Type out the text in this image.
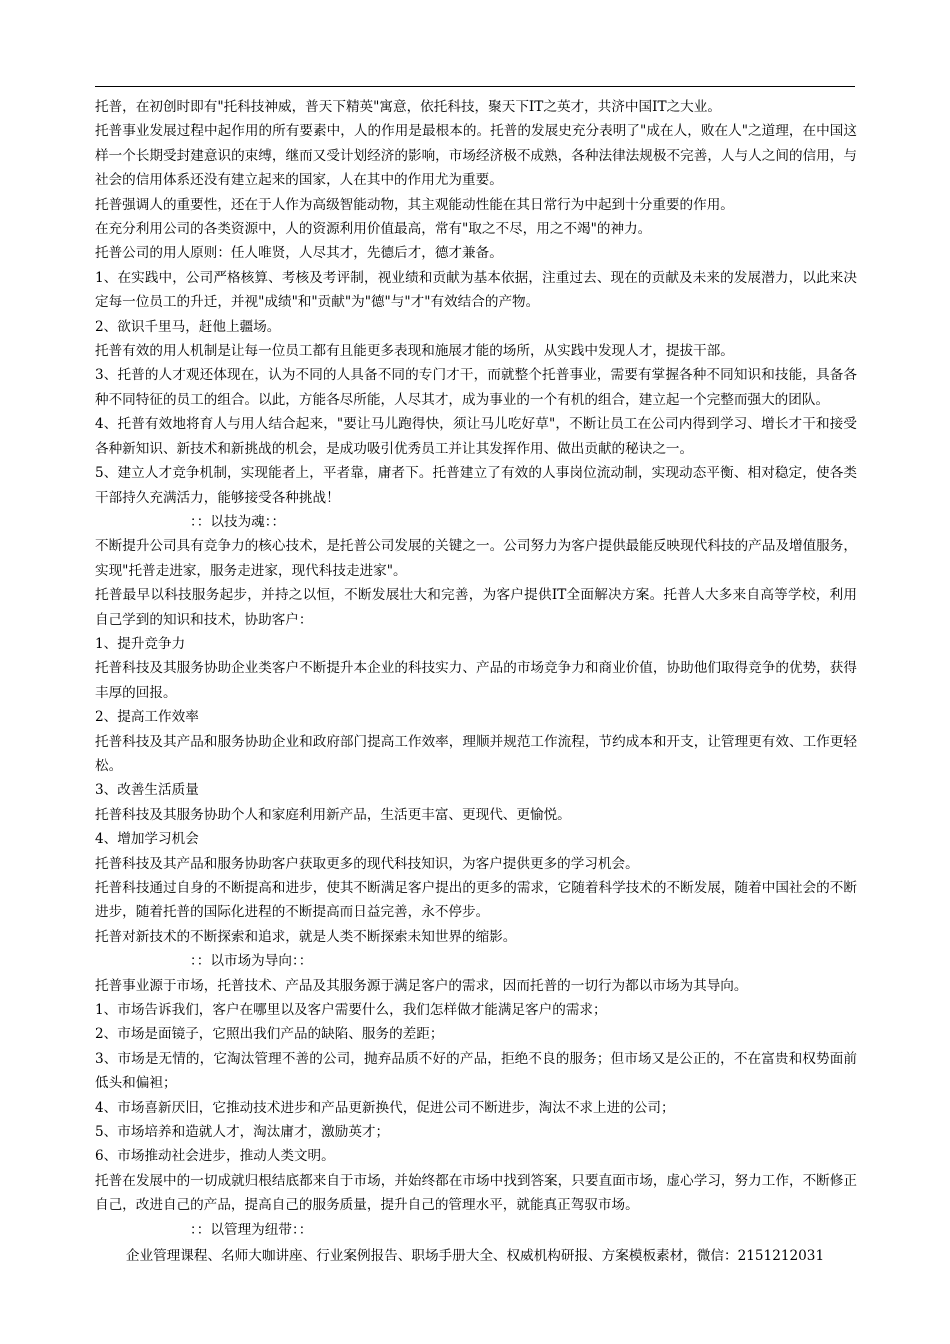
托普，在初创时即有"托科技神威，普天下精英"寓意，依托科技，聚天下IT之英才，共济中国IT之大业。

托普事业发展过程中起作用的所有要素中，人的作用是最根本的。托普的发展史充分表明了"成在人，败在人"之道理，在中国这样一个长期受封建意识的束缚，继而又受计划经济的影响，市场经济极不成熟，各种法律法规极不完善，人与人之间的信用，与社会的信用体系还没有建立起来的国家，人在其中的作用尤为重要。

托普强调人的重要性，还在于人作为高级智能动物，其主观能动性能在其日常行为中起到十分重要的作用。

在充分利用公司的各类资源中，人的资源利用价值最高，常有"取之不尽，用之不竭"的神力。

托普公司的用人原则：任人唯贤，人尽其才，先德后才，德才兼备。

1、在实践中，公司严格核算、考核及考评制，视业绩和贡献为基本依据，注重过去、现在的贡献及未来的发展潜力，以此来决定每一位员工的升迁，并视"成绩"和"贡献"为"德"与"才"有效结合的产物。

2、欲识千里马，赶他上疆场。

托普有效的用人机制是让每一位员工都有且能更多表现和施展才能的场所，从实践中发现人才，提拔干部。

3、托普的人才观还体现在，认为不同的人具备不同的专门才干，而就整个托普事业，需要有掌握各种不同知识和技能，具备各种不同特征的员工的组合。以此，方能各尽所能，人尽其才，成为事业的一个有机的组合，建立起一个完整而强大的团队。

4、托普有效地将育人与用人结合起来，"要让马儿跑得快，须让马儿吃好草"，不断让员工在公司内得到学习、增长才干和接受各种新知识、新技术和新挑战的机会，是成功吸引优秀员工并让其发挥作用、做出贡献的秘诀之一。

5、建立人才竞争机制，实现能者上，平者靠，庸者下。托普建立了有效的人事岗位流动制，实现动态平衡、相对稳定，使各类干部持久充满活力，能够接受各种挑战！

：：以技为魂：：

不断提升公司具有竞争力的核心技术，是托普公司发展的关键之一。公司努力为客户提供最能反映现代科技的产品及增值服务，实现"托普走进家，服务走进家，现代科技走进家"。

托普最早以科技服务起步，并持之以恒，不断发展壮大和完善，为客户提供IT全面解决方案。托普人大多来自高等学校，利用自己学到的知识和技术，协助客户：

1、提升竞争力

托普科技及其服务协助企业类客户不断提升本企业的科技实力、产品的市场竞争力和商业价值，协助他们取得竞争的优势，获得丰厚的回报。

2、提高工作效率

托普科技及其产品和服务协助企业和政府部门提高工作效率，理顺并规范工作流程，节约成本和开支，让管理更有效、工作更轻松。

3、改善生活质量

托普科技及其服务协助个人和家庭利用新产品，生活更丰富、更现代、更愉悦。

4、增加学习机会

托普科技及其产品和服务协助客户获取更多的现代科技知识，为客户提供更多的学习机会。

托普科技通过自身的不断提高和进步，使其不断满足客户提出的更多的需求，它随着科学技术的不断发展，随着中国社会的不断进步，随着托普的国际化进程的不断提高而日益完善，永不停步。

托普对新技术的不断探索和追求，就是人类不断探索未知世界的缩影。

：：以市场为导向：：

托普事业源于市场，托普技术、产品及其服务源于满足客户的需求，因而托普的一切行为都以市场为其导向。

1、市场告诉我们，客户在哪里以及客户需要什么，我们怎样做才能满足客户的需求；

2、市场是面镜子，它照出我们产品的缺陷、服务的差距；

3、市场是无情的，它淘汰管理不善的公司，抛弃品质不好的产品，拒绝不良的服务；但市场又是公正的，不在富贵和权势面前低头和偏袒；

4、市场喜新厌旧，它推动技术进步和产品更新换代，促进公司不断进步，淘汰不求上进的公司；

5、市场培养和造就人才，淘汰庸才，激励英才；

6、市场推动社会进步，推动人类文明。

托普在发展中的一切成就归根结底都来自于市场，并始终都在市场中找到答案，只要直面市场，虚心学习，努力工作，不断修正自己，改进自己的产品，提高自己的服务质量，提升自己的管理水平，就能真正驾驭市场。

：：以管理为纽带：：

企业管理课程、名师大咖讲座、行业案例报告、职场手册大全、权威机构研报、方案模板素材，微信：2151212031
